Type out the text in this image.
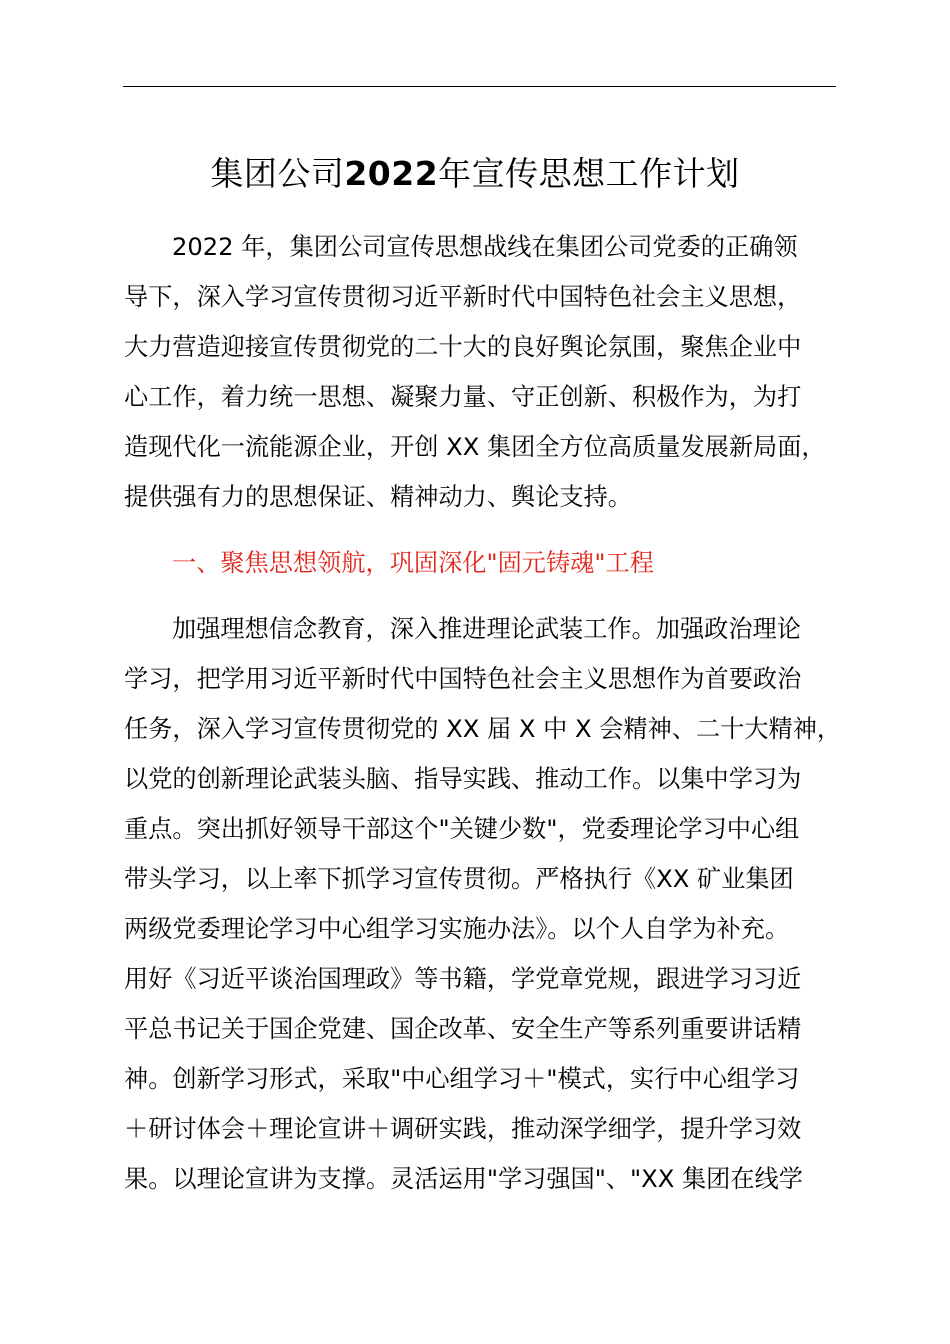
集团公司2022年宣传思想工作计划
2022 年，集团公司宣传思想战线在集团公司党委的正确领
导下，深入学习宣传贯彻习近平新时代中国特色社会主义思想，
大力营造迎接宣传贯彻党的二十大的良好舆论氛围，聚焦企业中
心工作，着力统一思想、凝聚力量、守正创新、积极作为，为打
造现代化一流能源企业，开创 XX 集团全方位高质量发展新局面，
提供强有力的思想保证、精神动力、舆论支持。
一、聚焦思想领航，巩固深化"固元铸魂"工程
加强理想信念教育，深入推进理论武装工作。加强政治理论
学习，把学用习近平新时代中国特色社会主义思想作为首要政治
任务，深入学习宣传贯彻党的 XX 届 X 中 X 会精神、二十大精神，
以党的创新理论武装头脑、指导实践、推动工作。以集中学习为
重点。突出抓好领导干部这个"关键少数"，党委理论学习中心组
带头学习，以上率下抓学习宣传贯彻。严格执行《XX 矿业集团
两级党委理论学习中心组学习实施办法》。以个人自学为补充。
用好《习近平谈治国理政》等书籍，学党章党规，跟进学习习近
平总书记关于国企党建、国企改革、安全生产等系列重要讲话精
神。创新学习形式，采取"中心组学习＋"模式，实行中心组学习
＋研讨体会＋理论宣讲＋调研实践，推动深学细学，提升学习效
果。以理论宣讲为支撑。灵活运用"学习强国"、"XX 集团在线学
